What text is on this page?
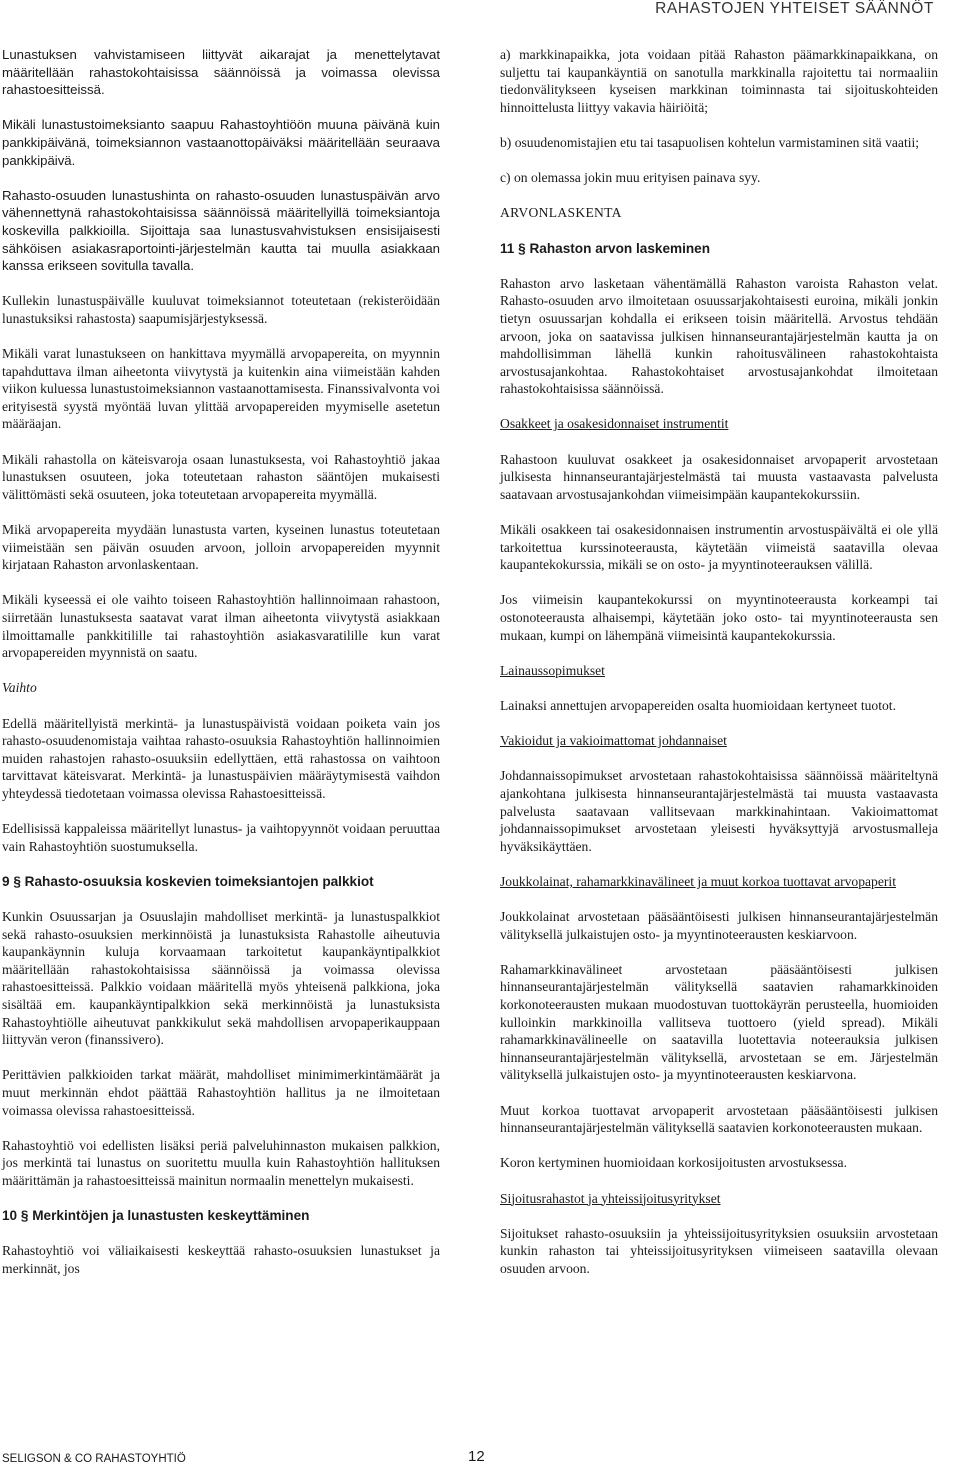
RAHASTOJEN YHTEISET SÄÄNNÖT

Lunastuksen vahvistamiseen liittyvät aikarajat ja menettelytavat määritellään rahastokohtaisissa säännöissä ja voimassa olevissa rahastoesitteissä.

Mikäli lunastustoimeksianto saapuu Rahastoyhtiöön muuna päivänä kuin pankkipäivänä, toimeksiannon vastaanottopäiväksi määritellään seuraava pankkipäivä.

Rahasto-osuuden lunastushinta on rahasto-osuuden lunastuspäivän arvo vähennettynä rahastokohtaisissa säännöissä määritellyillä toimeksiantoja koskevilla palkkioilla. Sijoittaja saa lunastusvahvistuksen ensisijaisesti sähköisen asiakasraportointi-järjestelmän kautta tai muulla asiakkaan kanssa erikseen sovitulla tavalla.

Kullekin lunastuspäivälle kuuluvat toimeksiannot toteutetaan (rekisteröidään lunastuksiksi rahastosta) saapumisjärjestyksessä.

Mikäli varat lunastukseen on hankittava myymällä arvopapereita, on myynnin tapahduttava ilman aiheetonta viivytystä ja kuitenkin aina viimeistään kahden viikon kuluessa lunastustoimeksiannon vastaanottamisesta. Finanssivalvonta voi erityisestä syystä myöntää luvan ylittää arvopapereiden myymiselle asetetun määräajan.

Mikäli rahastolla on käteisvaroja osaan lunastuksesta, voi Rahastoyhtiö jakaa lunastuksen osuuteen, joka toteutetaan rahaston sääntöjen mukaisesti välittömästi sekä osuuteen, joka toteutetaan arvopapereita myymällä.

Mikä arvopapereita myydään lunastusta varten, kyseinen lunastus toteutetaan viimeistään sen päivän osuuden arvoon, jolloin arvopapereiden myynnit kirjataan Rahaston arvonlaskentaan.

Mikäli kyseessä ei ole vaihto toiseen Rahastoyhtiön hallinnoimaan rahastoon, siirretään lunastuksesta saatavat varat ilman aiheetonta viivytystä asiakkaan ilmoittamalle pankkitilille tai rahastoyhtiön asiakasvaratilille kun varat arvopapereiden myynnistä on saatu.

Vaihto

Edellä määritellyistä merkintä- ja lunastuspäivistä voidaan poiketa vain jos rahasto-osuudenomistaja vaihtaa rahasto-osuuksia Rahastoyhtiön hallinnoimien muiden rahastojen rahasto-osuuksiin edellyttäen, että rahastossa on vaihtoon tarvittavat käteisvarat. Merkintä- ja lunastuspäivien määräytymisestä vaihdon yhteydessä tiedotetaan voimassa olevissa Rahastoesitteissä.

Edellisissä kappaleissa määritellyt lunastus- ja vaihtopyynnöt voidaan peruuttaa vain Rahastoyhtiön suostumuksella.

9 § Rahasto-osuuksia koskevien toimeksiantojen palkkiot

Kunkin Osuussarjan ja Osuuslajin mahdolliset merkintä- ja lunastuspalkkiot sekä rahasto-osuuksien merkinnöistä ja lunastuksista Rahastolle aiheutuvia kaupankäynnin kuluja korvaamaan tarkoitetut kaupankäyntipalkkiot määritellään rahastokohtaisissa säännöissä ja voimassa olevissa rahastoesitteissä. Palkkio voidaan määritellä myös yhteisenä palkkiona, joka sisältää em. kaupankäyntipalkkion sekä merkinnöistä ja lunastuksista Rahastoyhtiölle aiheutuvat pankkikulut sekä mahdollisen arvopaperikauppaan liittyvän veron (finanssivero).

Perittävien palkkioiden tarkat määrät, mahdolliset minimimerkintämäärät ja muut merkinnän ehdot päättää Rahastoyhtiön hallitus ja ne ilmoitetaan voimassa olevissa rahastoesitteissä.

Rahastoyhtiö voi edellisten lisäksi periä palveluhinnaston mukaisen palkkion, jos merkintä tai lunastus on suoritettu muulla kuin Rahastoyhtiön hallituksen määrittämän ja rahastoesitteissä mainitun normaalin menettelyn mukaisesti.

10 § Merkintöjen ja lunastusten keskeyttäminen

Rahastoyhtiö voi väliaikaisesti keskeyttää rahasto-osuuksien lunastukset ja merkinnät, jos

a) markkinapaikka, jota voidaan pitää Rahaston päämarkkinapaikkana, on suljettu tai kaupankäyntiä on sanotulla markkinalla rajoitettu tai normaaliin tiedonvälitykseen kyseisen markkinan toiminnasta tai sijoituskohteiden hinnoittelusta liittyy vakavia häiriöitä;

b) osuudenomistajien etu tai tasapuolisen kohtelun varmistaminen sitä vaatii;

c) on olemassa jokin muu erityisen painava syy.

ARVONLASKENTA
11 § Rahaston arvon laskeminen

Rahaston arvo lasketaan vähentämällä Rahaston varoista Rahaston velat. Rahasto-osuuden arvo ilmoitetaan osuussarjakohtaisesti euroina, mikäli jonkin tietyn osuussarjan kohdalla ei erikseen toisin määritellä. Arvostus tehdään arvoon, joka on saatavissa julkisen hinnanseurantajärjestelmän kautta ja on mahdollisimman lähellä kunkin rahoitusvälineen rahastokohtaista arvostusajankohtaa. Rahastokohtaiset arvostusajankohdat ilmoitetaan rahastokohtaisissa säännöissä.

Osakkeet ja osakesidonnaiset instrumentit

Rahastoon kuuluvat osakkeet ja osakesidonnaiset arvopaperit arvostetaan julkisesta hinnanseurantajärjestelmästä tai muusta vastaavasta palvelusta saatavaan arvostusajankohdan viimeisimpään kaupantekokurssiin.

Mikäli osakkeen tai osakesidonnaisen instrumentin arvostuspäivältä ei ole yllä tarkoitettua kurssinoteerausta, käytetään viimeistä saatavilla olevaa kaupantekokurssia, mikäli se on osto- ja myyntinoteerauksen välillä.

Jos viimeisin kaupantekokurssi on myyntinoteerausta korkeampi tai ostonoteerausta alhaisempi, käytetään joko osto- tai myyntinoteerausta sen mukaan, kumpi on lähempänä viimeisintä kaupantekokurssia.

Lainaussopimukset

Lainaksi annettujen arvopapereiden osalta huomioidaan kertyneet tuotot.

Vakioidut ja vakioimattomat johdannaiset

Johdannaissopimukset arvostetaan rahastokohtaisissa säännöissä määriteltynä ajankohtana julkisesta hinnanseurantajärjestelmästä tai muusta vastaavasta palvelusta saatavaan vallitsevaan markkinahintaan. Vakioimattomat johdannaissopimukset arvostetaan yleisesti hyväksyttyjä arvostusmalleja hyväksikäyttäen.

Joukkolainat, rahamarkkinavälineet ja muut korkoa tuottavat arvopaperit

Joukkolainat arvostetaan pääsääntöisesti julkisen hinnanseurantajärjestelmän välityksellä julkaistujen osto- ja myyntinoteerausten keskiarvoon.

Rahamarkkinavälineet arvostetaan pääsääntöisesti julkisen hinnanseurantajärjestelmän välityksellä saatavien rahamarkkinoiden korkonoteerausten mukaan muodostuvan tuottokäyrän perusteella, huomioiden kulloinkin markkinoilla vallitseva tuottoero (yield spread). Mikäli rahamarkkinavälineelle on saatavilla luotettavia noteerauksia julkisen hinnanseurantajärjestelmän välityksellä, arvostetaan se em. Järjestelmän välityksellä julkaistujen osto- ja myyntinoteerausten keskiarvona.

Muut korkoa tuottavat arvopaperit arvostetaan pääsääntöisesti julkisen hinnanseurantajärjestelmän välityksellä saatavien korkonoteerausten mukaan.

Koron kertyminen huomioidaan korkosijoitusten arvostuksessa.

Sijoitusrahastot ja yhteissijoitusyritykset

Sijoitukset rahasto-osuuksiin ja yhteissijoitusyrityksien osuuksiin arvostetaan kunkin rahaston tai yhteissijoitusyrityksen viimeiseen saatavilla olevaan osuuden arvoon.

SELIGSON & CO RAHASTOYHTIÖ	12
